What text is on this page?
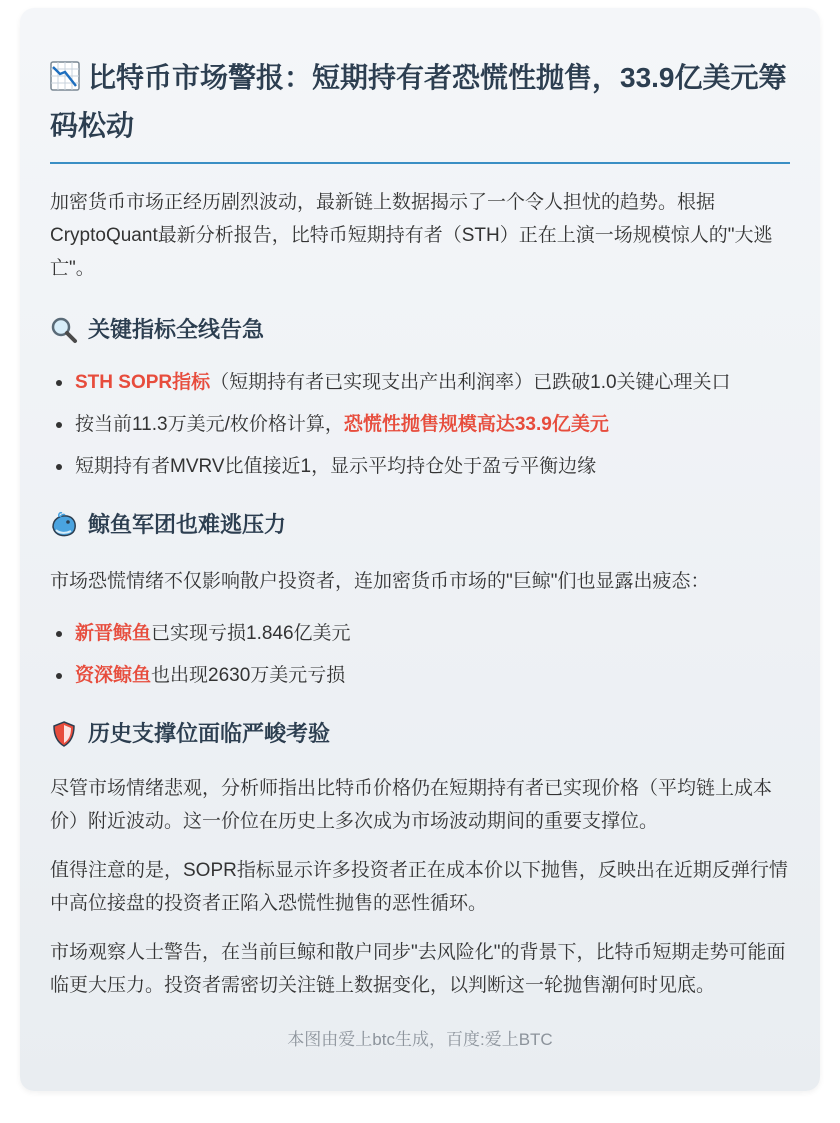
比特币市场警报：短期持有者恐慌性抛售，33.9亿美元筹码松动

加密货币市场正经历剧烈波动，最新链上数据揭示了一个令人担忧的趋势。根据CryptoQuant最新分析报告，比特币短期持有者（STH）正在上演一场规模惊人的"大逃亡"。

关键指标全线告急
STH SOPR指标（短期持有者已实现支出产出利润率）已跌破1.0关键心理关口
按当前11.3万美元/枚价格计算，恐慌性抛售规模高达33.9亿美元
短期持有者MVRV比值接近1，显示平均持仓处于盈亏平衡边缘
鲸鱼军团也难逃压力

市场恐慌情绪不仅影响散户投资者，连加密货币市场的"巨鲸"们也显露出疲态：

新晋鲸鱼已实现亏损1.846亿美元
资深鲸鱼也出现2630万美元亏损
历史支撑位面临严峻考验

尽管市场情绪悲观，分析师指出比特币价格仍在短期持有者已实现价格（平均链上成本价）附近波动。这一价位在历史上多次成为市场波动期间的重要支撑位。

值得注意的是，SOPR指标显示许多投资者正在成本价以下抛售，反映出在近期反弹行情中高位接盘的投资者正陷入恐慌性抛售的恶性循环。

市场观察人士警告，在当前巨鲸和散户同步"去风险化"的背景下，比特币短期走势可能面临更大压力。投资者需密切关注链上数据变化，以判断这一轮抛售潮何时见底。

本图由爱上btc生成，百度:爱上BTC
